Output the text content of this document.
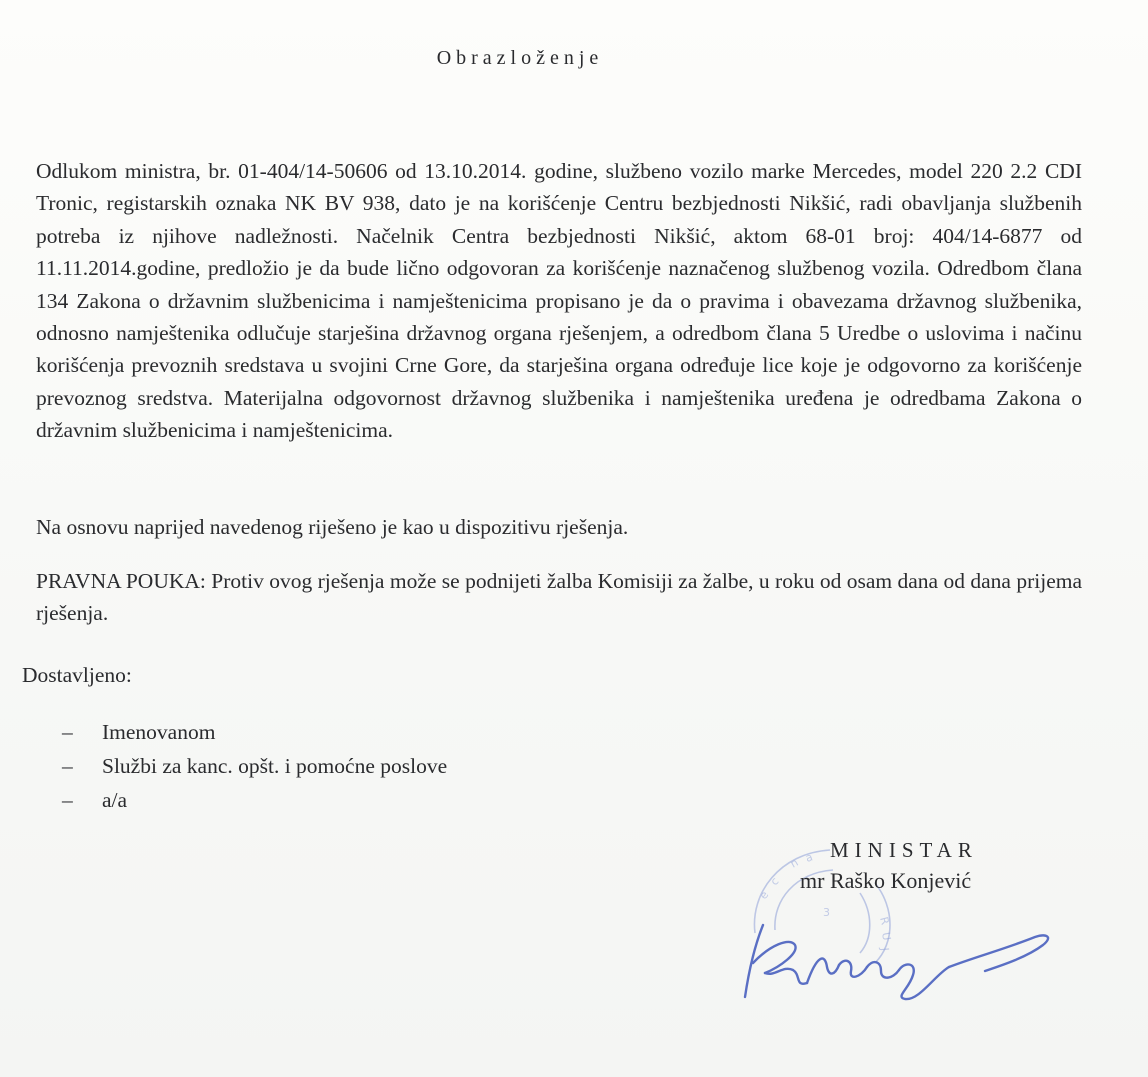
Obrazloženje

Odlukom ministra, br. 01-404/14-50606 od 13.10.2014. godine, službeno vozilo marke Mercedes, model 220 2.2 CDI Tronic, registarskih oznaka NK BV 938, dato je na korišćenje Centru bezbjednosti Nikšić, radi obavljanja službenih potreba iz njihove nadležnosti. Načelnik Centra bezbjednosti Nikšić, aktom 68-01 broj: 404/14-6877 od 11.11.2014.godine, predložio je da bude lično odgovoran za korišćenje naznačenog službenog vozila. Odredbom člana 134 Zakona o državnim službenicima i namještenicima propisano je da o pravima i obavezama državnog službenika, odnosno namještenika odlučuje starješina državnog organa rješenjem, a odredbom člana 5 Uredbe o uslovima i načinu korišćenja prevoznih sredstava u svojini Crne Gore, da starješina organa određuje lice koje je odgovorno za korišćenje prevoznog sredstva. Materijalna odgovornost državnog službenika i namještenika uređena je odredbama Zakona o državnim službenicima i namještenicima.

Na osnovu naprijed navedenog riješeno je kao u dispozitivu rješenja.

PRAVNA POUKA: Protiv ovog rješenja može se podnijeti žalba Komisiji za žalbe, u roku od osam dana od dana prijema rješenja.

Dostavljeno:
– Imenovanom
– Službi za kanc. opšt. i pomoćne poslove
– a/a
n a
e
c
R
U
J
3
MINISTAR
mr Raško Konjević
